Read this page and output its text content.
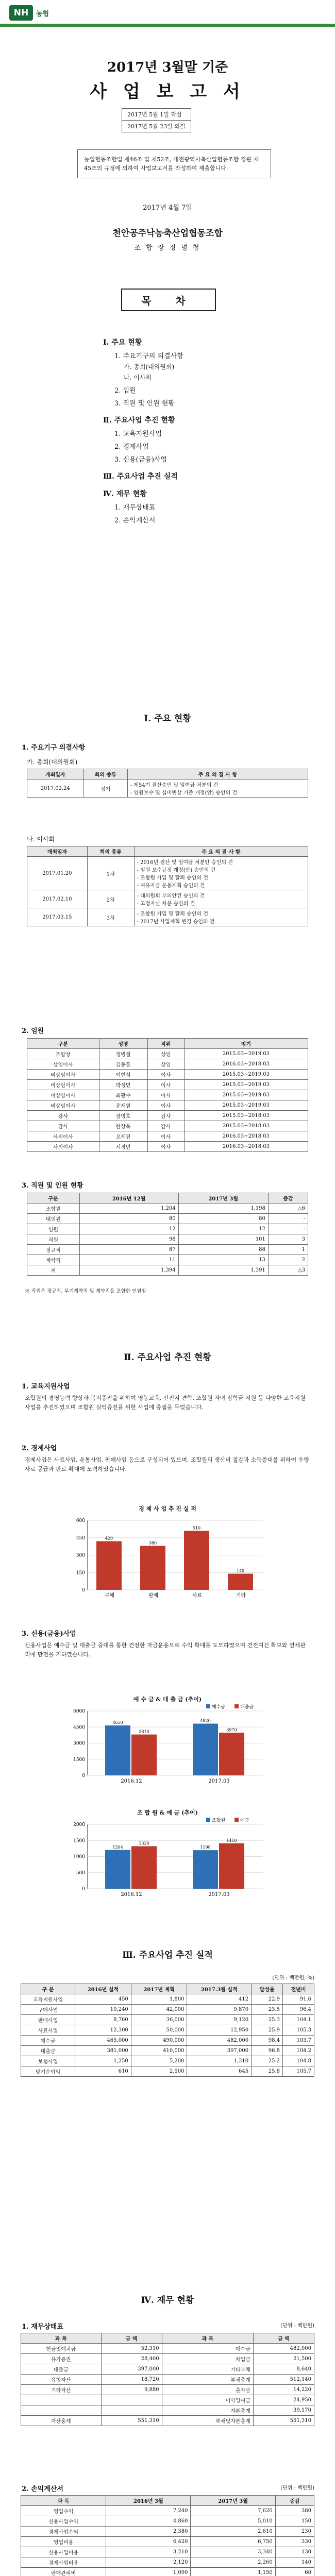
NH	농협
2017년 3월말 기준
사 업 보 고 서
2017년 5월 1일 작성
2017년 5월 23일 의결
농업협동조합법 제46조 및 제52조, 대전광역시축산업협동조합 정관 제45조의 규정에 의하여 사업보고서를 작성하여 제출합니다.
2017년 4월 7일
천안공주낙농축산업협동조합
조 합 장 정 병 철
목 차
Ⅰ. 주요 현황
1. 주요기구의 의결사항
가. 총회(대의원회)
나. 이사회
2. 임원
3. 직원 및 인원 현황
Ⅱ. 주요사업 추진 현황
1. 교육지원사업
2. 경제사업
3. 신용(금융)사업
Ⅲ. 주요사업 추진 실적
Ⅳ. 재무 현황
1. 재무상태표
2. 손익계산서
Ⅰ. 주요 현황
1. 주요기구 의결사항
가. 총회(대의원회)
개최일자	회의 종류	주 요 의 결 사 항
2017.02.24	정기	- 제54기 결산승인 및 잉여금 처분의 건
- 임원보수 및 실비변상 기준 개정(안) 승인의 건
나. 이사회
개최일자	회의 종류	주 요 의 결 사 항
2017.01.20	1차	- 2016년 결산 및 잉여금 처분안 승인의 건
- 임원 보수규정 개정(안) 승인의 건
- 조합원 가입 및 탈퇴 승인의 건
- 여유자금 운용계획 승인의 건

2017.02.10	2차	- 대의원회 부의안건 승인의 건
- 고정자산 처분 승인의 건

2017.03.15	3차	- 조합원 가입 및 탈퇴 승인의 건
- 2017년 사업계획 변경 승인의 건
2. 임원
구분	성명	직위	임기
조합장	정병철	상임	2015.03~2019.03
상임이사	김동훈	상임	2016.03~2018.03
비상임이사	이현석	이사	2015.03~2019.03
비상임이사	박성민	이사	2015.03~2019.03
비상임이사	최광수	이사	2015.03~2019.03
비상임이사	윤재원	이사	2015.03~2019.03
감사	장명호	감사	2015.03~2018.03
감사	한상욱	감사	2015.03~2018.03
사외이사	오세진	이사	2016.03~2018.03
사외이사	서경민	이사	2016.03~2018.03
3. 직원 및 인원 현황
구분	2016년 12월	2017년 3월	증감
조합원	1,204	1,198	△6
대의원	80	80	-
임원	12	12	-
직원	98	101	3
정규직	87	88	1
계약직	11	13	2
계	1,394	1,391	△3
※ 직원은 정규직, 무기계약직 및 계약직을 포함한 인원임
Ⅱ. 주요사업 추진 현황
1. 교육지원사업
조합원의 경영능력 향상과 복지증진을 위하여 영농교육, 선진지 견학, 조합원 자녀 장학금 지원 등 다양한 교육지원사업을 추진하였으며 조합원 실익증진을 위한 사업에 중점을 두었습니다.
2. 경제사업
경제사업은 사료사업, 유통사업, 판매사업 등으로 구성되어 있으며, 조합원의 생산비 절감과 소득증대를 위하여 우량 사료 공급과 판로 확대에 노력하였습니다.
경 제 사 업 추 진 실 적
0
150
300
450
600
구매
420
판매
380
사료
510
기타
140
3. 신용(금융)사업
신용사업은 예수금 및 대출금 증대를 통한 건전한 자금운용으로 수익 확대를 도모하였으며 건전여신 확보와 연체관리에 만전을 기하였습니다.
예 수 금 & 대 출 금 (추이)
0
1500
3000
4500
6000
2016.12
4650
3810
2017.03
4820
3970
예수금	대출금
조 합 원 & 예 금 (추이)
0
500
1000
1500
2000
2016.12
1204
1320
2017.03
1198
1410
조합원	예금
Ⅲ. 주요사업 추진 실적
(단위 : 백만원, %)
구 분	2016년 실적	2017년 계획	2017.3월 실적	달성률	전년비
교육지원사업	450	1,800	412	22.9	91.6
구매사업	10,240	42,000	9,870	23.5	96.4
판매사업	8,760	36,000	9,120	25.3	104.1
사료사업	12,300	50,000	12,950	25.9	105.3
예수금	465,000	490,000	482,000	98.4	103.7
대출금	381,000	410,000	397,000	96.8	104.2
보험사업	1,250	5,200	1,310	25.2	104.8
당기순이익	610	2,500	645	25.8	105.7
Ⅳ. 재무 현황
1. 재무상태표	(단위 : 백만원)
과 목	금 액	과 목	금 액
현금및예치금	52,310	예수금	482,000
유가증권	28,400	차입금	21,500
대출금	397,000	기타부채	8,640
유형자산	18,720	부채총계	512,140
기타자산	9,880	출자금	14,220
		이익잉여금	24,950
		자본총계	39,170
자산총계	551,310	부채및자본총계	551,310
2. 손익계산서	(단위 : 백만원)
과 목	2016년 3월	2017년 3월	증감
영업수익	7,240	7,620	380
신용사업수익	4,860	5,010	150
경제사업수익	2,380	2,610	230
영업비용	6,420	6,750	330
신용사업비용	3,210	3,340	130
경제사업비용	2,120	2,260	140
판매관리비	1,090	1,150	60
